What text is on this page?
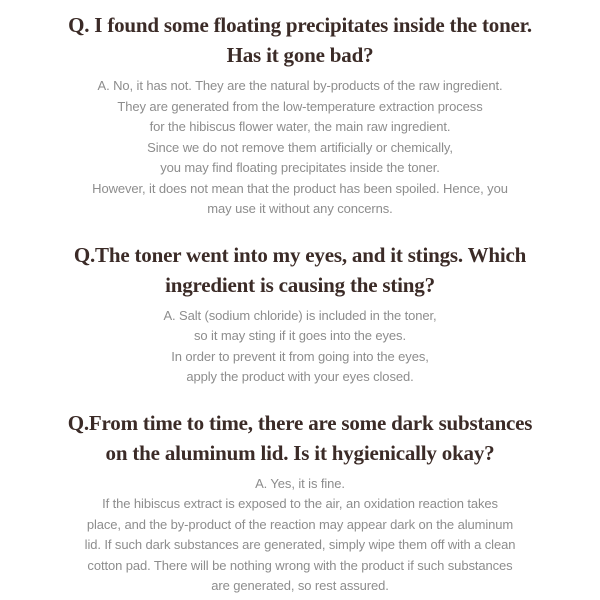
Q. I found some floating precipitates inside the toner.
Has it gone bad?

A. No, it has not. They are the natural by-products of the raw ingredient.
They are generated from the low-temperature extraction process
for the hibiscus flower water, the main raw ingredient.
Since we do not remove them artificially or chemically,
you may find floating precipitates inside the toner.
However, it does not mean that the product has been spoiled. Hence, you
may use it without any concerns.

Q.The toner went into my eyes, and it stings. Which
ingredient is causing the sting?

A. Salt (sodium chloride) is included in the toner,
so it may sting if it goes into the eyes.
In order to prevent it from going into the eyes,
apply the product with your eyes closed.

Q.From time to time, there are some dark substances
on the aluminum lid. Is it hygienically okay?

A. Yes, it is fine.
If the hibiscus extract is exposed to the air, an oxidation reaction takes
place, and the by-product of the reaction may appear dark on the aluminum
lid. If such dark substances are generated, simply wipe them off with a clean
cotton pad. There will be nothing wrong with the product if such substances
are generated, so rest assured.
